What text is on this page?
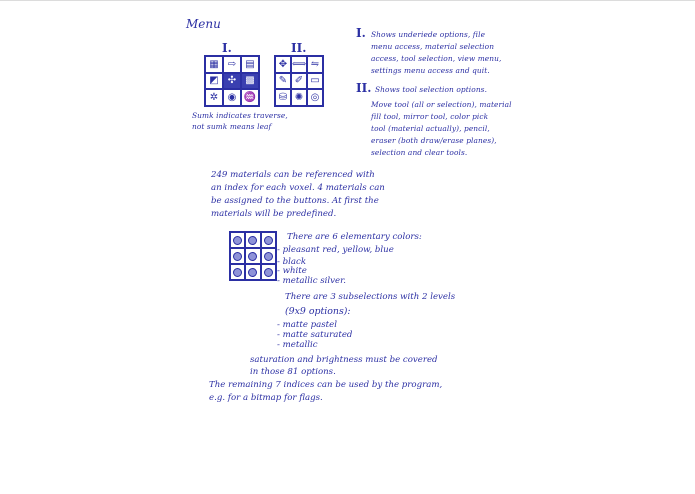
Menu
I.	II.
▦ ⇨ ▤
◩ ✣ ▩
✲ ◉ ♒
✥ ⟺ ⇋
✎ ✐ ▭
⛁ ✺ ◎
Sumk indicates traverse,
not sumk means leaf
I. Shows underiede options, file
menu access, material selection
access, tool selection, view menu,
settings menu access and quit.
II. Shows tool selection options.
Move tool (all or selection), material
fill tool, mirror tool, color pick
tool (material actually), pencil,
eraser (both draw/erase planes),
selection and clear tools.
249 materials can be referenced with
an index for each voxel. 4 materials can
be assigned to the buttons. At first the
materials will be predefined.
There are 6 elementary colors:
- pleasant red, yellow, blue
- black
- white
- metallic silver.
There are 3 subselections with 2 levels
(9x9 options):
- matte pastel
- matte saturated
- metallic
saturation and brightness must be covered
in those 81 options.
The remaining 7 indices can be used by the program,
e.g. for a bitmap for flags.
